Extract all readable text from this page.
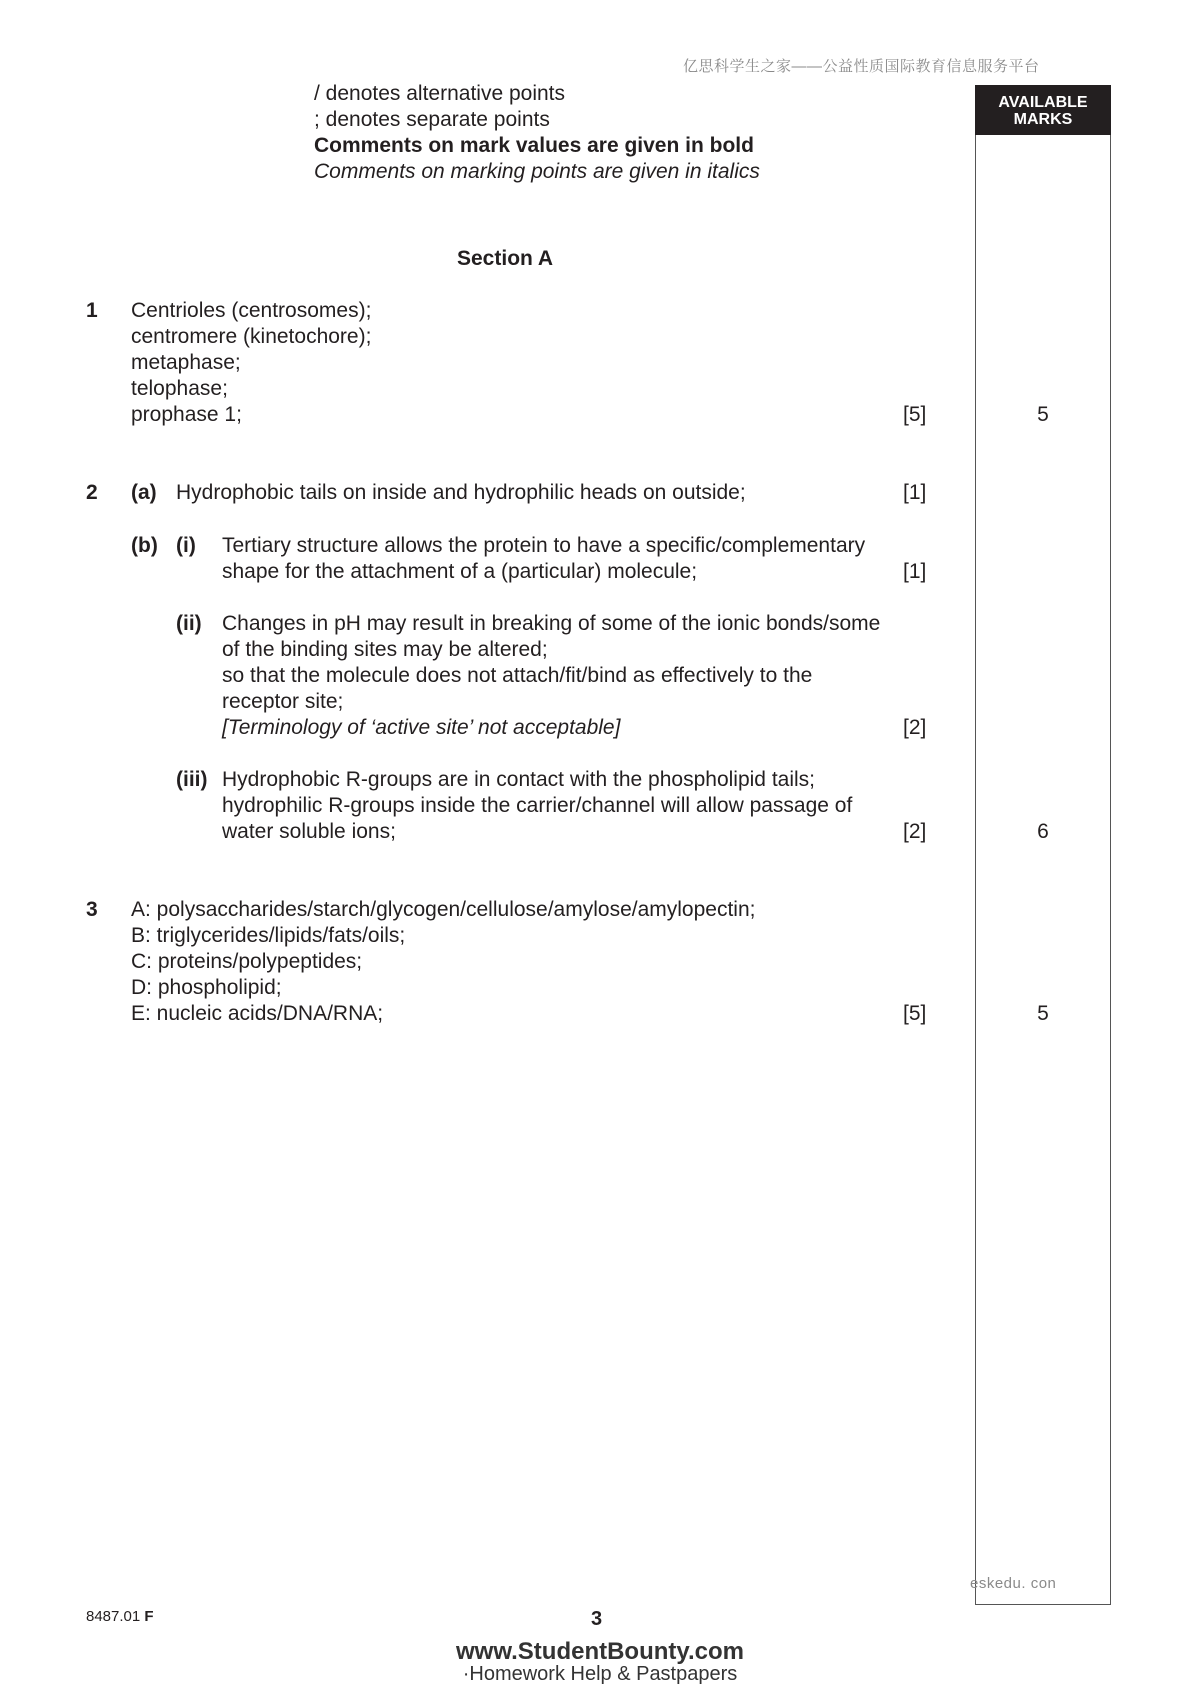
亿思科学生之家——公益性质国际教育信息服务平台
AVAILABLE
MARKS
/ denotes alternative points
; denotes separate points
Comments on mark values are given in bold
Comments on marking points are given in italics
Section A
1 Centrioles (centrosomes);
centromere (kinetochore);
metaphase;
telophase;
prophase 1;	[5]	5
2 (a) Hydrophobic tails on inside and hydrophilic heads on outside;	[1]
(b) (i) Tertiary structure allows the protein to have a specific/complementary
shape for the attachment of a (particular) molecule;	[1]
(ii) Changes in pH may result in breaking of some of the ionic bonds/some
of the binding sites may be altered;
so that the molecule does not attach/fit/bind as effectively to the
receptor site;
[Terminology of ‘active site’ not acceptable]	[2]
(iii) Hydrophobic R-groups are in contact with the phospholipid tails;
hydrophilic R-groups inside the carrier/channel will allow passage of
water soluble ions;	[2]	6
3 A: polysaccharides/starch/glycogen/cellulose/amylose/amylopectin;
B: triglycerides/lipids/fats/oils;
C: proteins/polypeptides;
D: phospholipid;
E: nucleic acids/DNA/RNA;	[5]	5
eskedu. con
8487.01 F	3
www.StudentBounty.com
·Homework Help & Pastpapers
